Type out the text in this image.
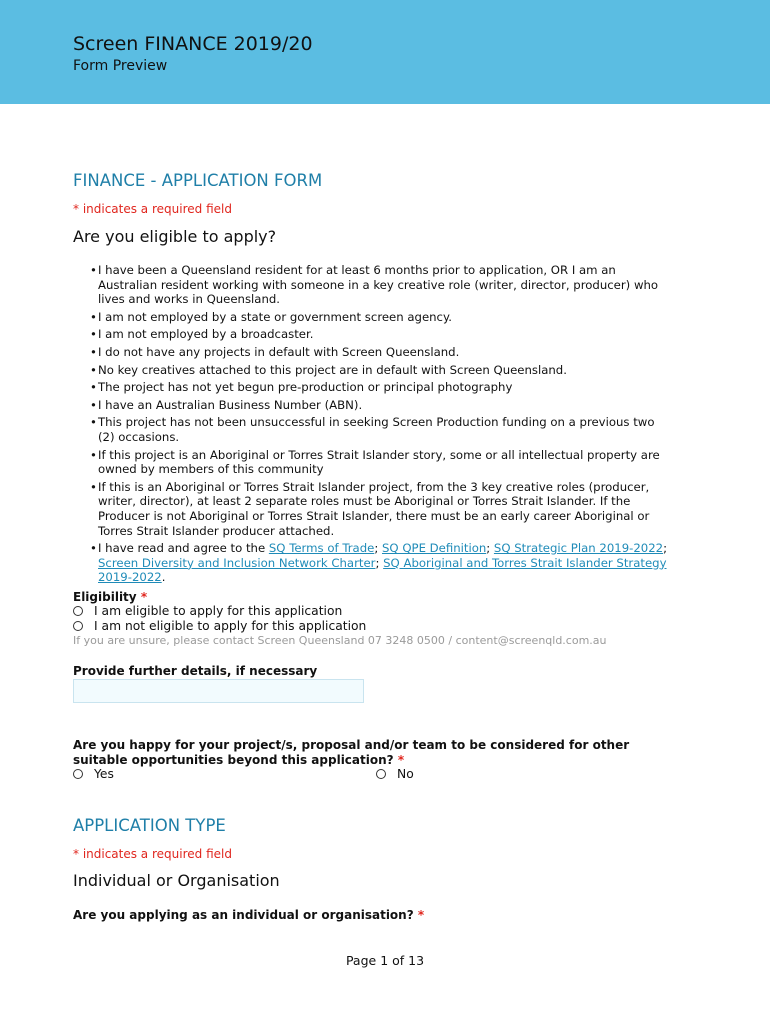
Screen FINANCE 2019/20
Form Preview
FINANCE - APPLICATION FORM
* indicates a required field
Are you eligible to apply?
• I have been a Queensland resident for at least 6 months prior to application, OR I am an Australian resident working with someone in a key creative role (writer, director, producer) who lives and works in Queensland.
• I am not employed by a state or government screen agency.
• I am not employed by a broadcaster.
• I do not have any projects in default with Screen Queensland.
• No key creatives attached to this project are in default with Screen Queensland.
• The project has not yet begun pre-production or principal photography
• I have an Australian Business Number (ABN).
• This project has not been unsuccessful in seeking Screen Production funding on a previous two (2) occasions.
• If this project is an Aboriginal or Torres Strait Islander story, some or all intellectual property are owned by members of this community
• If this is an Aboriginal or Torres Strait Islander project, from the 3 key creative roles (producer, writer, director), at least 2 separate roles must be Aboriginal or Torres Strait Islander. If the Producer is not Aboriginal or Torres Strait Islander, there must be an early career Aboriginal or Torres Strait Islander producer attached.
• I have read and agree to the SQ Terms of Trade; SQ QPE Definition; SQ Strategic Plan 2019-2022; Screen Diversity and Inclusion Network Charter; SQ Aboriginal and Torres Strait Islander Strategy 2019-2022.
Eligibility *
I am eligible to apply for this application
I am not eligible to apply for this application
If you are unsure, please contact Screen Queensland 07 3248 0500 / content@screenqld.com.au
Provide further details, if necessary
Are you happy for your project/s, proposal and/or team to be considered for other suitable opportunities beyond this application? *
Yes	No
APPLICATION TYPE
* indicates a required field
Individual or Organisation
Are you applying as an individual or organisation? *
Page 1 of 13
